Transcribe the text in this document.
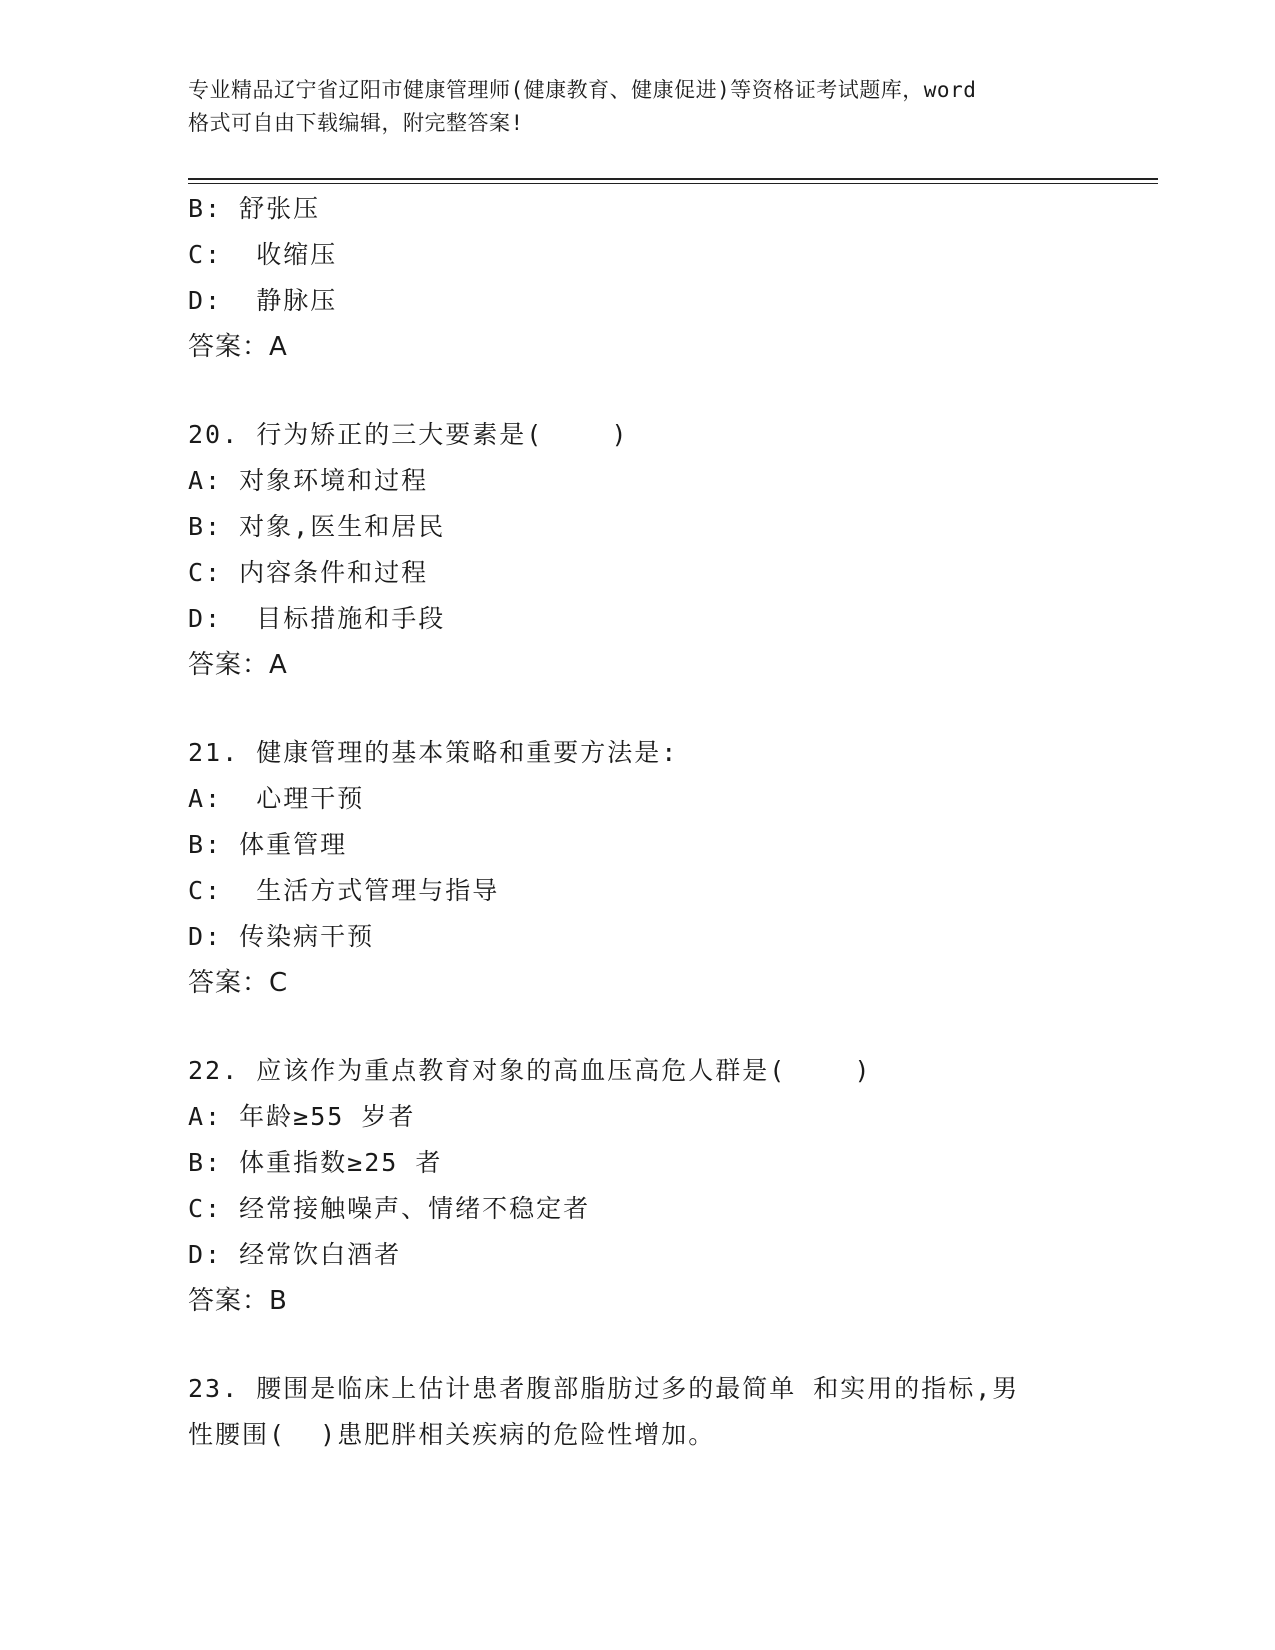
专业精品辽宁省辽阳市健康管理师(健康教育、健康促进)等资格证考试题库，word
格式可自由下载编辑，附完整答案!
B: 舒张压
C:  收缩压
D:  静脉压
答案：A
20. 行为矫正的三大要素是(    )
A: 对象环境和过程
B: 对象,医生和居民
C: 内容条件和过程
D:  目标措施和手段
答案：A
21. 健康管理的基本策略和重要方法是:
A:  心理干预
B: 体重管理
C:  生活方式管理与指导
D: 传染病干预
答案：C
22. 应该作为重点教育对象的高血压高危人群是(    )
A: 年龄≥55 岁者
B: 体重指数≥25 者
C: 经常接触噪声、情绪不稳定者
D: 经常饮白酒者
答案：B
23. 腰围是临床上估计患者腹部脂肪过多的最简单 和实用的指标,男
性腰围(  )患肥胖相关疾病的危险性增加。
